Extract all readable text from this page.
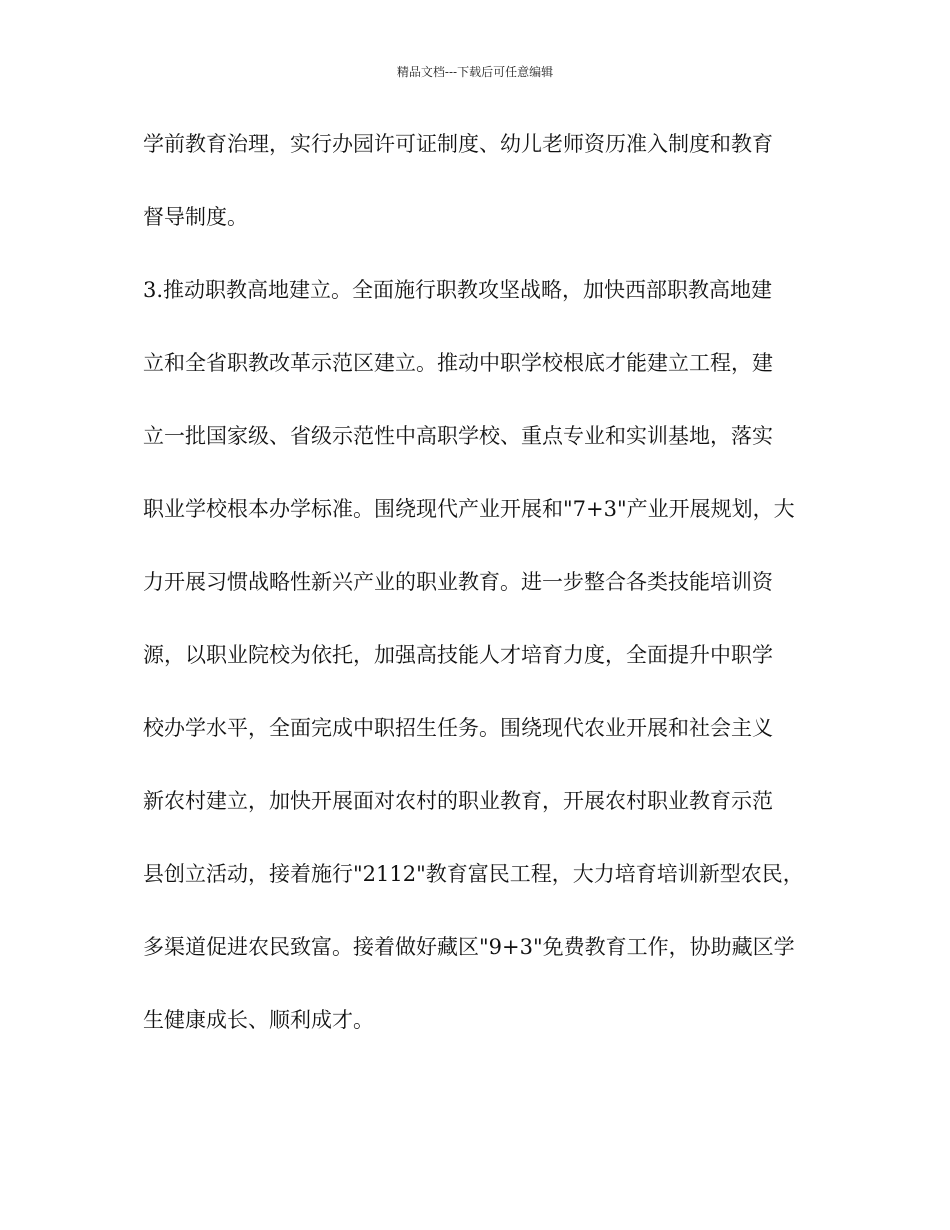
精品文档---下载后可任意编辑
学前教育治理，实行办园许可证制度、幼儿老师资历准入制度和教育
督导制度。
3.推动职教高地建立。全面施行职教攻坚战略，加快西部职教高地建
立和全省职教改革示范区建立。推动中职学校根底才能建立工程，建
立一批国家级、省级示范性中高职学校、重点专业和实训基地，落实
职业学校根本办学标准。围绕现代产业开展和"7+3"产业开展规划，大
力开展习惯战略性新兴产业的职业教育。进一步整合各类技能培训资
源，以职业院校为依托，加强高技能人才培育力度，全面提升中职学
校办学水平，全面完成中职招生任务。围绕现代农业开展和社会主义
新农村建立，加快开展面对农村的职业教育，开展农村职业教育示范
县创立活动，接着施行"2112"教育富民工程，大力培育培训新型农民，
多渠道促进农民致富。接着做好藏区"9+3"免费教育工作，协助藏区学
生健康成长、顺利成才。
